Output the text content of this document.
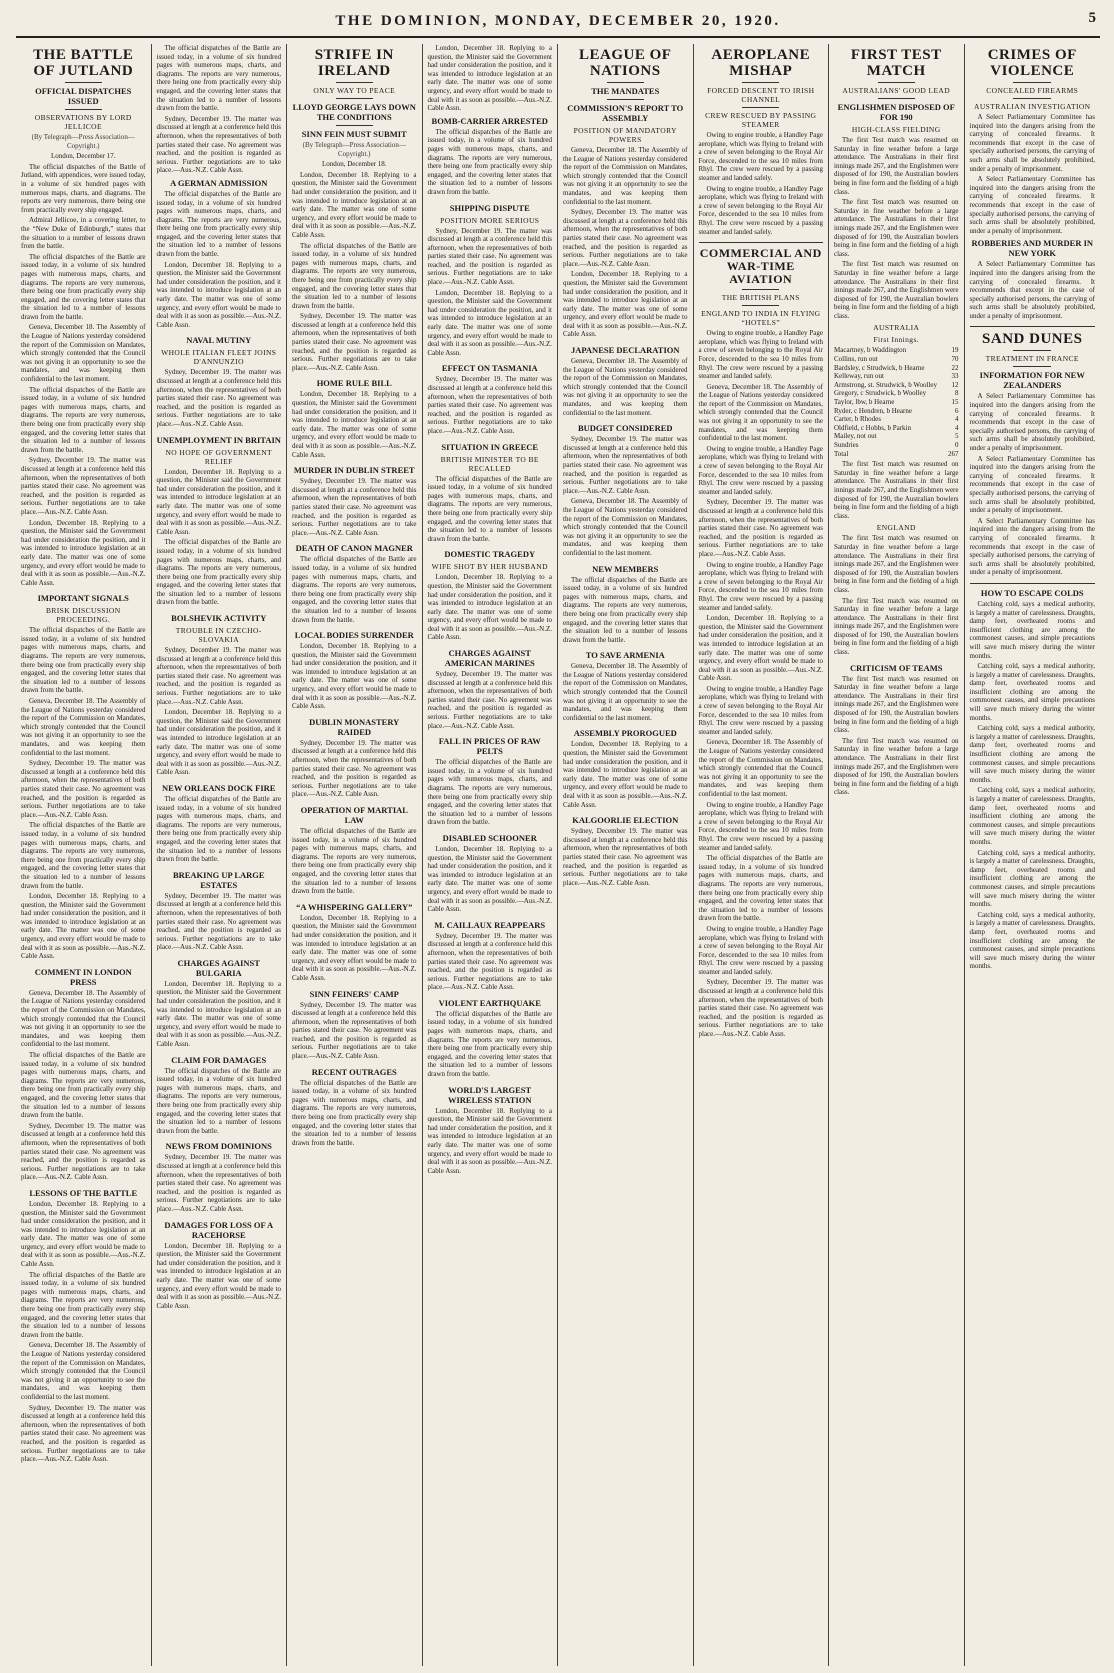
THE DOMINION, MONDAY, DECEMBER 20, 1920.	5
THE BATTLE OF JUTLAND
OFFICIAL DISPATCHES ISSUED
OBSERVATIONS BY LORD JELLICOE
(By Telegraph—Press Association—Copyright.)
London, December 17.

The official dispatches of the Battle of Jutland, with appendices, were issued today, in a volume of six hundred pages with numerous maps, charts, and diagrams. The reports are very numerous, there being one from practically every ship engaged.

Admiral Jellicoe, in a covering letter, to the “New Duke of Edinburgh,” states that the situation to a number of lessons drawn from the battle.

The official dispatches of the Battle are issued today, in a volume of six hundred pages with numerous maps, charts, and diagrams. The reports are very numerous, there being one from practically every ship engaged, and the covering letter states that the situation led to a number of lessons drawn from the battle.

Geneva, December 18. The Assembly of the League of Nations yesterday considered the report of the Commission on Mandates, which strongly contended that the Council was not giving it an opportunity to see the mandates, and was keeping them confidential to the last moment.

The official dispatches of the Battle are issued today, in a volume of six hundred pages with numerous maps, charts, and diagrams. The reports are very numerous, there being one from practically every ship engaged, and the covering letter states that the situation led to a number of lessons drawn from the battle.

Sydney, December 19. The matter was discussed at length at a conference held this afternoon, when the representatives of both parties stated their case. No agreement was reached, and the position is regarded as serious. Further negotiations are to take place.—Aus.-N.Z. Cable Assn.

London, December 18. Replying to a question, the Minister said the Government had under consideration the position, and it was intended to introduce legislation at an early date. The matter was one of some urgency, and every effort would be made to deal with it as soon as possible.—Aus.-N.Z. Cable Assn.

IMPORTANT SIGNALS
BRISK DISCUSSION PROCEEDING.

The official dispatches of the Battle are issued today, in a volume of six hundred pages with numerous maps, charts, and diagrams. The reports are very numerous, there being one from practically every ship engaged, and the covering letter states that the situation led to a number of lessons drawn from the battle.

Geneva, December 18. The Assembly of the League of Nations yesterday considered the report of the Commission on Mandates, which strongly contended that the Council was not giving it an opportunity to see the mandates, and was keeping them confidential to the last moment.

Sydney, December 19. The matter was discussed at length at a conference held this afternoon, when the representatives of both parties stated their case. No agreement was reached, and the position is regarded as serious. Further negotiations are to take place.—Aus.-N.Z. Cable Assn.

The official dispatches of the Battle are issued today, in a volume of six hundred pages with numerous maps, charts, and diagrams. The reports are very numerous, there being one from practically every ship engaged, and the covering letter states that the situation led to a number of lessons drawn from the battle.

London, December 18. Replying to a question, the Minister said the Government had under consideration the position, and it was intended to introduce legislation at an early date. The matter was one of some urgency, and every effort would be made to deal with it as soon as possible.—Aus.-N.Z. Cable Assn.

COMMENT IN LONDON PRESS

Geneva, December 18. The Assembly of the League of Nations yesterday considered the report of the Commission on Mandates, which strongly contended that the Council was not giving it an opportunity to see the mandates, and was keeping them confidential to the last moment.

The official dispatches of the Battle are issued today, in a volume of six hundred pages with numerous maps, charts, and diagrams. The reports are very numerous, there being one from practically every ship engaged, and the covering letter states that the situation led to a number of lessons drawn from the battle.

Sydney, December 19. The matter was discussed at length at a conference held this afternoon, when the representatives of both parties stated their case. No agreement was reached, and the position is regarded as serious. Further negotiations are to take place.—Aus.-N.Z. Cable Assn.

LESSONS OF THE BATTLE

London, December 18. Replying to a question, the Minister said the Government had under consideration the position, and it was intended to introduce legislation at an early date. The matter was one of some urgency, and every effort would be made to deal with it as soon as possible.—Aus.-N.Z. Cable Assn.

The official dispatches of the Battle are issued today, in a volume of six hundred pages with numerous maps, charts, and diagrams. The reports are very numerous, there being one from practically every ship engaged, and the covering letter states that the situation led to a number of lessons drawn from the battle.

Geneva, December 18. The Assembly of the League of Nations yesterday considered the report of the Commission on Mandates, which strongly contended that the Council was not giving it an opportunity to see the mandates, and was keeping them confidential to the last moment.

Sydney, December 19. The matter was discussed at length at a conference held this afternoon, when the representatives of both parties stated their case. No agreement was reached, and the position is regarded as serious. Further negotiations are to take place.—Aus.-N.Z. Cable Assn.

The official dispatches of the Battle are issued today, in a volume of six hundred pages with numerous maps, charts, and diagrams. The reports are very numerous, there being one from practically every ship engaged, and the covering letter states that the situation led to a number of lessons drawn from the battle.

Sydney, December 19. The matter was discussed at length at a conference held this afternoon, when the representatives of both parties stated their case. No agreement was reached, and the position is regarded as serious. Further negotiations are to take place.—Aus.-N.Z. Cable Assn.

A GERMAN ADMISSION

The official dispatches of the Battle are issued today, in a volume of six hundred pages with numerous maps, charts, and diagrams. The reports are very numerous, there being one from practically every ship engaged, and the covering letter states that the situation led to a number of lessons drawn from the battle.

London, December 18. Replying to a question, the Minister said the Government had under consideration the position, and it was intended to introduce legislation at an early date. The matter was one of some urgency, and every effort would be made to deal with it as soon as possible.—Aus.-N.Z. Cable Assn.

NAVAL MUTINY
WHOLE ITALIAN FLEET JOINS D'ANNUNZIO

Sydney, December 19. The matter was discussed at length at a conference held this afternoon, when the representatives of both parties stated their case. No agreement was reached, and the position is regarded as serious. Further negotiations are to take place.—Aus.-N.Z. Cable Assn.

UNEMPLOYMENT IN BRITAIN
NO HOPE OF GOVERNMENT RELIEF

London, December 18. Replying to a question, the Minister said the Government had under consideration the position, and it was intended to introduce legislation at an early date. The matter was one of some urgency, and every effort would be made to deal with it as soon as possible.—Aus.-N.Z. Cable Assn.

The official dispatches of the Battle are issued today, in a volume of six hundred pages with numerous maps, charts, and diagrams. The reports are very numerous, there being one from practically every ship engaged, and the covering letter states that the situation led to a number of lessons drawn from the battle.

BOLSHEVIK ACTIVITY
TROUBLE IN CZECHO-SLOVAKIA

Sydney, December 19. The matter was discussed at length at a conference held this afternoon, when the representatives of both parties stated their case. No agreement was reached, and the position is regarded as serious. Further negotiations are to take place.—Aus.-N.Z. Cable Assn.

London, December 18. Replying to a question, the Minister said the Government had under consideration the position, and it was intended to introduce legislation at an early date. The matter was one of some urgency, and every effort would be made to deal with it as soon as possible.—Aus.-N.Z. Cable Assn.

NEW ORLEANS DOCK FIRE

The official dispatches of the Battle are issued today, in a volume of six hundred pages with numerous maps, charts, and diagrams. The reports are very numerous, there being one from practically every ship engaged, and the covering letter states that the situation led to a number of lessons drawn from the battle.

BREAKING UP LARGE ESTATES

Sydney, December 19. The matter was discussed at length at a conference held this afternoon, when the representatives of both parties stated their case. No agreement was reached, and the position is regarded as serious. Further negotiations are to take place.—Aus.-N.Z. Cable Assn.

CHARGES AGAINST BULGARIA

London, December 18. Replying to a question, the Minister said the Government had under consideration the position, and it was intended to introduce legislation at an early date. The matter was one of some urgency, and every effort would be made to deal with it as soon as possible.—Aus.-N.Z. Cable Assn.

CLAIM FOR DAMAGES

The official dispatches of the Battle are issued today, in a volume of six hundred pages with numerous maps, charts, and diagrams. The reports are very numerous, there being one from practically every ship engaged, and the covering letter states that the situation led to a number of lessons drawn from the battle.

NEWS FROM DOMINIONS

Sydney, December 19. The matter was discussed at length at a conference held this afternoon, when the representatives of both parties stated their case. No agreement was reached, and the position is regarded as serious. Further negotiations are to take place.—Aus.-N.Z. Cable Assn.

DAMAGES FOR LOSS OF A RACEHORSE

London, December 18. Replying to a question, the Minister said the Government had under consideration the position, and it was intended to introduce legislation at an early date. The matter was one of some urgency, and every effort would be made to deal with it as soon as possible.—Aus.-N.Z. Cable Assn.

STRIFE IN IRELAND
ONLY WAY TO PEACE
LLOYD GEORGE LAYS DOWN THE CONDITIONS
SINN FEIN MUST SUBMIT
(By Telegraph—Press Association—Copyright.)
London, December 18.

London, December 18. Replying to a question, the Minister said the Government had under consideration the position, and it was intended to introduce legislation at an early date. The matter was one of some urgency, and every effort would be made to deal with it as soon as possible.—Aus.-N.Z. Cable Assn.

The official dispatches of the Battle are issued today, in a volume of six hundred pages with numerous maps, charts, and diagrams. The reports are very numerous, there being one from practically every ship engaged, and the covering letter states that the situation led to a number of lessons drawn from the battle.

Sydney, December 19. The matter was discussed at length at a conference held this afternoon, when the representatives of both parties stated their case. No agreement was reached, and the position is regarded as serious. Further negotiations are to take place.—Aus.-N.Z. Cable Assn.

HOME RULE BILL

London, December 18. Replying to a question, the Minister said the Government had under consideration the position, and it was intended to introduce legislation at an early date. The matter was one of some urgency, and every effort would be made to deal with it as soon as possible.—Aus.-N.Z. Cable Assn.

MURDER IN DUBLIN STREET

Sydney, December 19. The matter was discussed at length at a conference held this afternoon, when the representatives of both parties stated their case. No agreement was reached, and the position is regarded as serious. Further negotiations are to take place.—Aus.-N.Z. Cable Assn.

DEATH OF CANON MAGNER

The official dispatches of the Battle are issued today, in a volume of six hundred pages with numerous maps, charts, and diagrams. The reports are very numerous, there being one from practically every ship engaged, and the covering letter states that the situation led to a number of lessons drawn from the battle.

LOCAL BODIES SURRENDER

London, December 18. Replying to a question, the Minister said the Government had under consideration the position, and it was intended to introduce legislation at an early date. The matter was one of some urgency, and every effort would be made to deal with it as soon as possible.—Aus.-N.Z. Cable Assn.

DUBLIN MONASTERY RAIDED

Sydney, December 19. The matter was discussed at length at a conference held this afternoon, when the representatives of both parties stated their case. No agreement was reached, and the position is regarded as serious. Further negotiations are to take place.—Aus.-N.Z. Cable Assn.

OPERATION OF MARTIAL LAW

The official dispatches of the Battle are issued today, in a volume of six hundred pages with numerous maps, charts, and diagrams. The reports are very numerous, there being one from practically every ship engaged, and the covering letter states that the situation led to a number of lessons drawn from the battle.

“A WHISPERING GALLERY”

London, December 18. Replying to a question, the Minister said the Government had under consideration the position, and it was intended to introduce legislation at an early date. The matter was one of some urgency, and every effort would be made to deal with it as soon as possible.—Aus.-N.Z. Cable Assn.

SINN FEINERS' CAMP

Sydney, December 19. The matter was discussed at length at a conference held this afternoon, when the representatives of both parties stated their case. No agreement was reached, and the position is regarded as serious. Further negotiations are to take place.—Aus.-N.Z. Cable Assn.

RECENT OUTRAGES

The official dispatches of the Battle are issued today, in a volume of six hundred pages with numerous maps, charts, and diagrams. The reports are very numerous, there being one from practically every ship engaged, and the covering letter states that the situation led to a number of lessons drawn from the battle.

London, December 18. Replying to a question, the Minister said the Government had under consideration the position, and it was intended to introduce legislation at an early date. The matter was one of some urgency, and every effort would be made to deal with it as soon as possible.—Aus.-N.Z. Cable Assn.

BOMB-CARRIER ARRESTED

The official dispatches of the Battle are issued today, in a volume of six hundred pages with numerous maps, charts, and diagrams. The reports are very numerous, there being one from practically every ship engaged, and the covering letter states that the situation led to a number of lessons drawn from the battle.

SHIPPING DISPUTE
POSITION MORE SERIOUS

Sydney, December 19. The matter was discussed at length at a conference held this afternoon, when the representatives of both parties stated their case. No agreement was reached, and the position is regarded as serious. Further negotiations are to take place.—Aus.-N.Z. Cable Assn.

London, December 18. Replying to a question, the Minister said the Government had under consideration the position, and it was intended to introduce legislation at an early date. The matter was one of some urgency, and every effort would be made to deal with it as soon as possible.—Aus.-N.Z. Cable Assn.

EFFECT ON TASMANIA

Sydney, December 19. The matter was discussed at length at a conference held this afternoon, when the representatives of both parties stated their case. No agreement was reached, and the position is regarded as serious. Further negotiations are to take place.—Aus.-N.Z. Cable Assn.

SITUATION IN GREECE
BRITISH MINISTER TO BE RECALLED

The official dispatches of the Battle are issued today, in a volume of six hundred pages with numerous maps, charts, and diagrams. The reports are very numerous, there being one from practically every ship engaged, and the covering letter states that the situation led to a number of lessons drawn from the battle.

DOMESTIC TRAGEDY
WIFE SHOT BY HER HUSBAND

London, December 18. Replying to a question, the Minister said the Government had under consideration the position, and it was intended to introduce legislation at an early date. The matter was one of some urgency, and every effort would be made to deal with it as soon as possible.—Aus.-N.Z. Cable Assn.

CHARGES AGAINST AMERICAN MARINES

Sydney, December 19. The matter was discussed at length at a conference held this afternoon, when the representatives of both parties stated their case. No agreement was reached, and the position is regarded as serious. Further negotiations are to take place.—Aus.-N.Z. Cable Assn.

FALL IN PRICES OF RAW PELTS

The official dispatches of the Battle are issued today, in a volume of six hundred pages with numerous maps, charts, and diagrams. The reports are very numerous, there being one from practically every ship engaged, and the covering letter states that the situation led to a number of lessons drawn from the battle.

DISABLED SCHOONER

London, December 18. Replying to a question, the Minister said the Government had under consideration the position, and it was intended to introduce legislation at an early date. The matter was one of some urgency, and every effort would be made to deal with it as soon as possible.—Aus.-N.Z. Cable Assn.

M. CAILLAUX REAPPEARS

Sydney, December 19. The matter was discussed at length at a conference held this afternoon, when the representatives of both parties stated their case. No agreement was reached, and the position is regarded as serious. Further negotiations are to take place.—Aus.-N.Z. Cable Assn.

VIOLENT EARTHQUAKE

The official dispatches of the Battle are issued today, in a volume of six hundred pages with numerous maps, charts, and diagrams. The reports are very numerous, there being one from practically every ship engaged, and the covering letter states that the situation led to a number of lessons drawn from the battle.

WORLD'S LARGEST WIRELESS STATION

London, December 18. Replying to a question, the Minister said the Government had under consideration the position, and it was intended to introduce legislation at an early date. The matter was one of some urgency, and every effort would be made to deal with it as soon as possible.—Aus.-N.Z. Cable Assn.

LEAGUE OF NATIONS
THE MANDATES
COMMISSION'S REPORT TO ASSEMBLY
POSITION OF MANDATORY POWERS

Geneva, December 18. The Assembly of the League of Nations yesterday considered the report of the Commission on Mandates, which strongly contended that the Council was not giving it an opportunity to see the mandates, and was keeping them confidential to the last moment.

Sydney, December 19. The matter was discussed at length at a conference held this afternoon, when the representatives of both parties stated their case. No agreement was reached, and the position is regarded as serious. Further negotiations are to take place.—Aus.-N.Z. Cable Assn.

London, December 18. Replying to a question, the Minister said the Government had under consideration the position, and it was intended to introduce legislation at an early date. The matter was one of some urgency, and every effort would be made to deal with it as soon as possible.—Aus.-N.Z. Cable Assn.

JAPANESE DECLARATION

Geneva, December 18. The Assembly of the League of Nations yesterday considered the report of the Commission on Mandates, which strongly contended that the Council was not giving it an opportunity to see the mandates, and was keeping them confidential to the last moment.

BUDGET CONSIDERED

Sydney, December 19. The matter was discussed at length at a conference held this afternoon, when the representatives of both parties stated their case. No agreement was reached, and the position is regarded as serious. Further negotiations are to take place.—Aus.-N.Z. Cable Assn.

Geneva, December 18. The Assembly of the League of Nations yesterday considered the report of the Commission on Mandates, which strongly contended that the Council was not giving it an opportunity to see the mandates, and was keeping them confidential to the last moment.

NEW MEMBERS

The official dispatches of the Battle are issued today, in a volume of six hundred pages with numerous maps, charts, and diagrams. The reports are very numerous, there being one from practically every ship engaged, and the covering letter states that the situation led to a number of lessons drawn from the battle.

TO SAVE ARMENIA

Geneva, December 18. The Assembly of the League of Nations yesterday considered the report of the Commission on Mandates, which strongly contended that the Council was not giving it an opportunity to see the mandates, and was keeping them confidential to the last moment.

ASSEMBLY PROROGUED

London, December 18. Replying to a question, the Minister said the Government had under consideration the position, and it was intended to introduce legislation at an early date. The matter was one of some urgency, and every effort would be made to deal with it as soon as possible.—Aus.-N.Z. Cable Assn.

KALGOORLIE ELECTION

Sydney, December 19. The matter was discussed at length at a conference held this afternoon, when the representatives of both parties stated their case. No agreement was reached, and the position is regarded as serious. Further negotiations are to take place.—Aus.-N.Z. Cable Assn.

AEROPLANE MISHAP
FORCED DESCENT TO IRISH CHANNEL
CREW RESCUED BY PASSING STEAMER

Owing to engine trouble, a Handley Page aeroplane, which was flying to Ireland with a crew of seven belonging to the Royal Air Force, descended to the sea 10 miles from Rhyl. The crew were rescued by a passing steamer and landed safely.

Owing to engine trouble, a Handley Page aeroplane, which was flying to Ireland with a crew of seven belonging to the Royal Air Force, descended to the sea 10 miles from Rhyl. The crew were rescued by a passing steamer and landed safely.

COMMERCIAL AND WAR-TIME AVIATION
THE BRITISH PLANS
ENGLAND TO INDIA IN FLYING “HOTELS”

Owing to engine trouble, a Handley Page aeroplane, which was flying to Ireland with a crew of seven belonging to the Royal Air Force, descended to the sea 10 miles from Rhyl. The crew were rescued by a passing steamer and landed safely.

Geneva, December 18. The Assembly of the League of Nations yesterday considered the report of the Commission on Mandates, which strongly contended that the Council was not giving it an opportunity to see the mandates, and was keeping them confidential to the last moment.

Owing to engine trouble, a Handley Page aeroplane, which was flying to Ireland with a crew of seven belonging to the Royal Air Force, descended to the sea 10 miles from Rhyl. The crew were rescued by a passing steamer and landed safely.

Sydney, December 19. The matter was discussed at length at a conference held this afternoon, when the representatives of both parties stated their case. No agreement was reached, and the position is regarded as serious. Further negotiations are to take place.—Aus.-N.Z. Cable Assn.

Owing to engine trouble, a Handley Page aeroplane, which was flying to Ireland with a crew of seven belonging to the Royal Air Force, descended to the sea 10 miles from Rhyl. The crew were rescued by a passing steamer and landed safely.

London, December 18. Replying to a question, the Minister said the Government had under consideration the position, and it was intended to introduce legislation at an early date. The matter was one of some urgency, and every effort would be made to deal with it as soon as possible.—Aus.-N.Z. Cable Assn.

Owing to engine trouble, a Handley Page aeroplane, which was flying to Ireland with a crew of seven belonging to the Royal Air Force, descended to the sea 10 miles from Rhyl. The crew were rescued by a passing steamer and landed safely.

Geneva, December 18. The Assembly of the League of Nations yesterday considered the report of the Commission on Mandates, which strongly contended that the Council was not giving it an opportunity to see the mandates, and was keeping them confidential to the last moment.

Owing to engine trouble, a Handley Page aeroplane, which was flying to Ireland with a crew of seven belonging to the Royal Air Force, descended to the sea 10 miles from Rhyl. The crew were rescued by a passing steamer and landed safely.

The official dispatches of the Battle are issued today, in a volume of six hundred pages with numerous maps, charts, and diagrams. The reports are very numerous, there being one from practically every ship engaged, and the covering letter states that the situation led to a number of lessons drawn from the battle.

Owing to engine trouble, a Handley Page aeroplane, which was flying to Ireland with a crew of seven belonging to the Royal Air Force, descended to the sea 10 miles from Rhyl. The crew were rescued by a passing steamer and landed safely.

Sydney, December 19. The matter was discussed at length at a conference held this afternoon, when the representatives of both parties stated their case. No agreement was reached, and the position is regarded as serious. Further negotiations are to take place.—Aus.-N.Z. Cable Assn.

FIRST TEST MATCH
AUSTRALIANS' GOOD LEAD
ENGLISHMEN DISPOSED OF FOR 190
HIGH-CLASS FIELDING

The first Test match was resumed on Saturday in fine weather before a large attendance. The Australians in their first innings made 267, and the Englishmen were disposed of for 190, the Australian bowlers being in fine form and the fielding of a high class.

The first Test match was resumed on Saturday in fine weather before a large attendance. The Australians in their first innings made 267, and the Englishmen were disposed of for 190, the Australian bowlers being in fine form and the fielding of a high class.

The first Test match was resumed on Saturday in fine weather before a large attendance. The Australians in their first innings made 267, and the Englishmen were disposed of for 190, the Australian bowlers being in fine form and the fielding of a high class.

AUSTRALIA
First Innings.
Macartney, b Waddington	19
Collins, run out	70
Bardsley, c Strudwick, b Hearne	22
Kelleway, run out	33
Armstrong, st. Strudwick, b Woolley	12
Gregory, c Strudwick, b Woolley	8
Taylor, lbw, b Hearne	15
Ryder, c Hendren, b Hearne	6
Carter, b Rhodes	4
Oldfield, c Hobbs, b Parkin	4
Mailey, not out	5
Sundries	0
Total	267

The first Test match was resumed on Saturday in fine weather before a large attendance. The Australians in their first innings made 267, and the Englishmen were disposed of for 190, the Australian bowlers being in fine form and the fielding of a high class.

ENGLAND

The first Test match was resumed on Saturday in fine weather before a large attendance. The Australians in their first innings made 267, and the Englishmen were disposed of for 190, the Australian bowlers being in fine form and the fielding of a high class.

The first Test match was resumed on Saturday in fine weather before a large attendance. The Australians in their first innings made 267, and the Englishmen were disposed of for 190, the Australian bowlers being in fine form and the fielding of a high class.

CRITICISM OF TEAMS

The first Test match was resumed on Saturday in fine weather before a large attendance. The Australians in their first innings made 267, and the Englishmen were disposed of for 190, the Australian bowlers being in fine form and the fielding of a high class.

The first Test match was resumed on Saturday in fine weather before a large attendance. The Australians in their first innings made 267, and the Englishmen were disposed of for 190, the Australian bowlers being in fine form and the fielding of a high class.

CRIMES OF VIOLENCE
CONCEALED FIREARMS
AUSTRALIAN INVESTIGATION

A Select Parliamentary Committee has inquired into the dangers arising from the carrying of concealed firearms. It recommends that except in the case of specially authorised persons, the carrying of such arms shall be absolutely prohibited, under a penalty of imprisonment.

A Select Parliamentary Committee has inquired into the dangers arising from the carrying of concealed firearms. It recommends that except in the case of specially authorised persons, the carrying of such arms shall be absolutely prohibited, under a penalty of imprisonment.

ROBBERIES AND MURDER IN NEW YORK

A Select Parliamentary Committee has inquired into the dangers arising from the carrying of concealed firearms. It recommends that except in the case of specially authorised persons, the carrying of such arms shall be absolutely prohibited, under a penalty of imprisonment.

SAND DUNES
TREATMENT IN FRANCE
INFORMATION FOR NEW ZEALANDERS

A Select Parliamentary Committee has inquired into the dangers arising from the carrying of concealed firearms. It recommends that except in the case of specially authorised persons, the carrying of such arms shall be absolutely prohibited, under a penalty of imprisonment.

A Select Parliamentary Committee has inquired into the dangers arising from the carrying of concealed firearms. It recommends that except in the case of specially authorised persons, the carrying of such arms shall be absolutely prohibited, under a penalty of imprisonment.

A Select Parliamentary Committee has inquired into the dangers arising from the carrying of concealed firearms. It recommends that except in the case of specially authorised persons, the carrying of such arms shall be absolutely prohibited, under a penalty of imprisonment.

HOW TO ESCAPE COLDS

Catching cold, says a medical authority, is largely a matter of carelessness. Draughts, damp feet, overheated rooms and insufficient clothing are among the commonest causes, and simple precautions will save much misery during the winter months.

Catching cold, says a medical authority, is largely a matter of carelessness. Draughts, damp feet, overheated rooms and insufficient clothing are among the commonest causes, and simple precautions will save much misery during the winter months.

Catching cold, says a medical authority, is largely a matter of carelessness. Draughts, damp feet, overheated rooms and insufficient clothing are among the commonest causes, and simple precautions will save much misery during the winter months.

Catching cold, says a medical authority, is largely a matter of carelessness. Draughts, damp feet, overheated rooms and insufficient clothing are among the commonest causes, and simple precautions will save much misery during the winter months.

Catching cold, says a medical authority, is largely a matter of carelessness. Draughts, damp feet, overheated rooms and insufficient clothing are among the commonest causes, and simple precautions will save much misery during the winter months.

Catching cold, says a medical authority, is largely a matter of carelessness. Draughts, damp feet, overheated rooms and insufficient clothing are among the commonest causes, and simple precautions will save much misery during the winter months.
